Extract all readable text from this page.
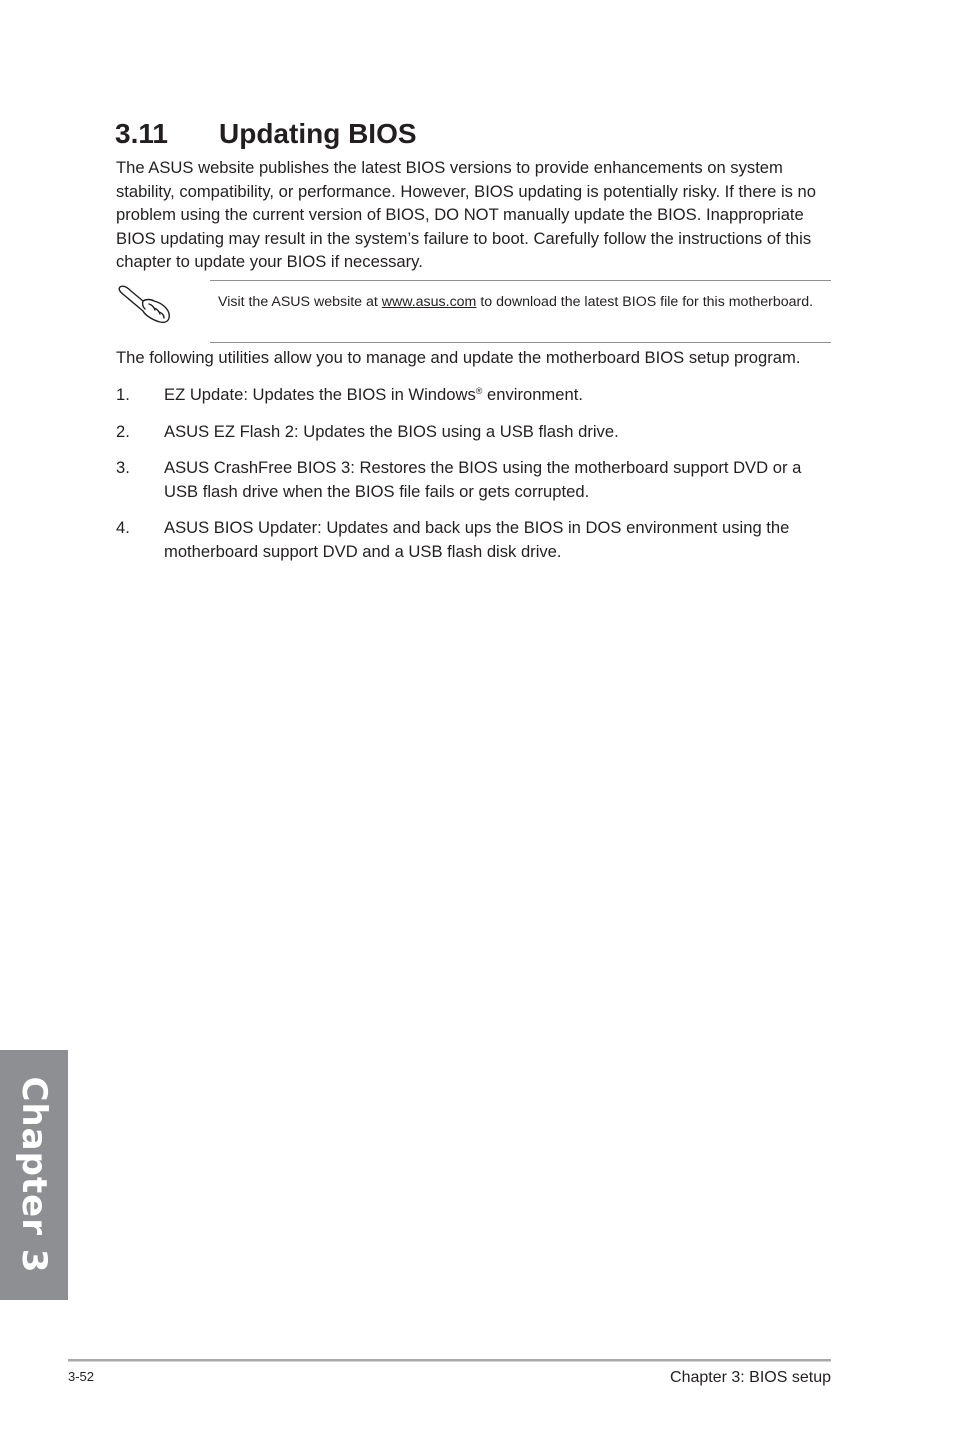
3.11 Updating BIOS

The ASUS website publishes the latest BIOS versions to provide enhancements on system stability, compatibility, or performance. However, BIOS updating is potentially risky. If there is no problem using the current version of BIOS, DO NOT manually update the BIOS. Inappropriate BIOS updating may result in the system’s failure to boot. Carefully follow the instructions of this chapter to update your BIOS if necessary.

Visit the ASUS website at www.asus.com to download the latest BIOS file for this motherboard.

The following utilities allow you to manage and update the motherboard BIOS setup program.

1. EZ Update: Updates the BIOS in Windows® environment.
2. ASUS EZ Flash 2: Updates the BIOS using a USB flash drive.
3. ASUS CrashFree BIOS 3: Restores the BIOS using the motherboard support DVD or a USB flash drive when the BIOS file fails or gets corrupted.
4. ASUS BIOS Updater: Updates and back ups the BIOS in DOS environment using the motherboard support DVD and a USB flash disk drive.
Chapter 3
3-52	Chapter 3: BIOS setup
